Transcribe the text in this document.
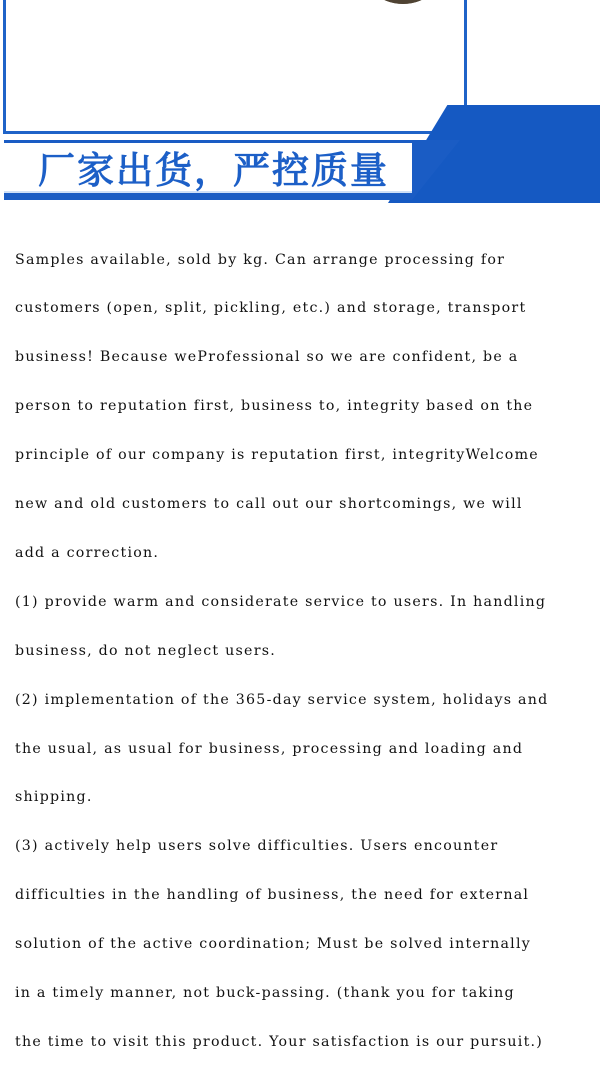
厂家出货，严控质量

Samples available, sold by kg. Can arrange processing for

customers (open, split, pickling, etc.) and storage, transport

business! Because weProfessional so we are confident, be a

person to reputation first, business to, integrity based on the

principle of our company is reputation first, integrityWelcome

new and old customers to call out our shortcomings, we will

add a correction.

(1) provide warm and considerate service to users. In handling

business, do not neglect users.

(2) implementation of the 365-day service system, holidays and

the usual, as usual for business, processing and loading and

shipping.

(3) actively help users solve difficulties. Users encounter

difficulties in the handling of business, the need for external

solution of the active coordination; Must be solved internally

in a timely manner, not buck-passing. (thank you for taking

the time to visit this product. Your satisfaction is our pursuit.)
